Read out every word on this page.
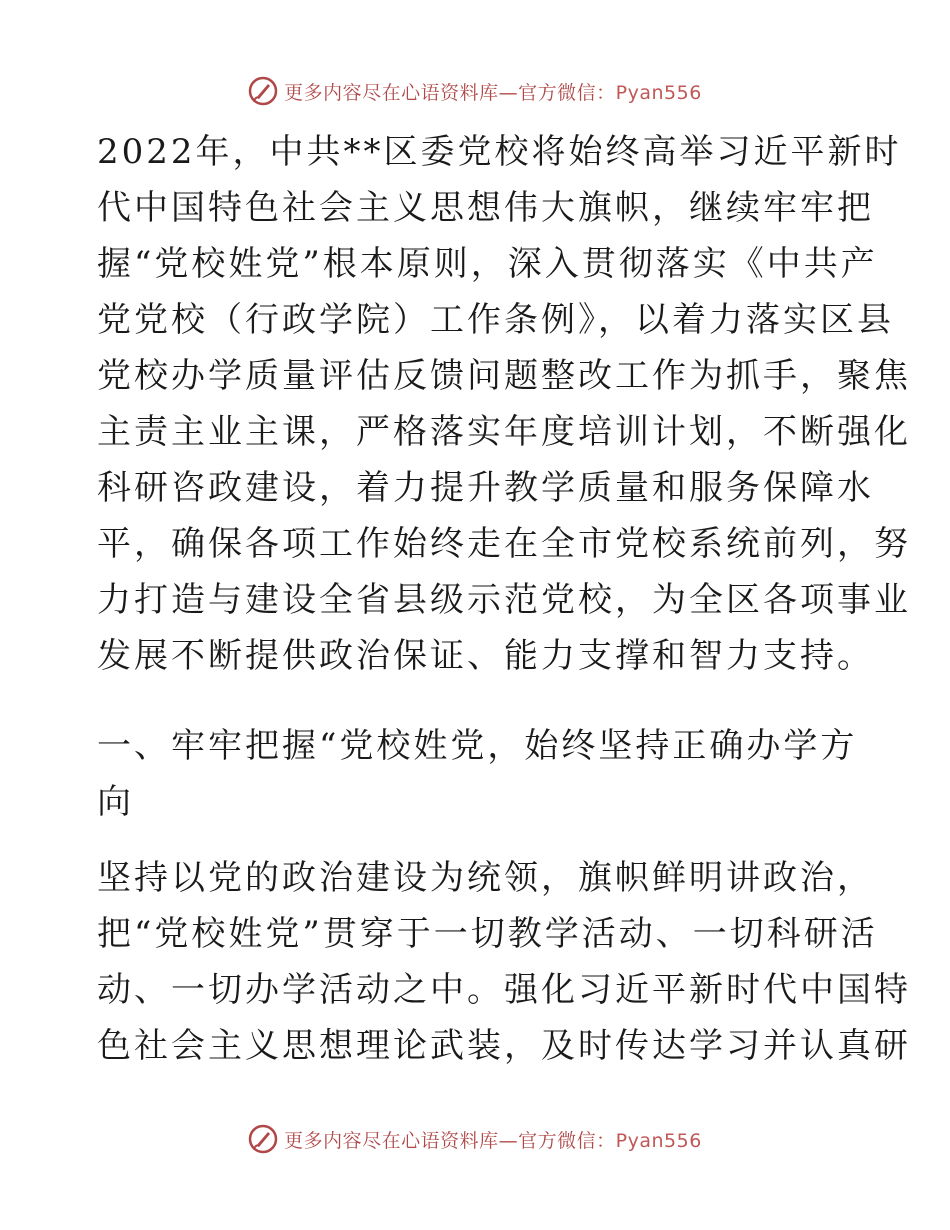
更多内容尽在心语资料库—官方微信：Pyan556
2022年，中共**区委党校将始终高举习近平新时
代中国特色社会主义思想伟大旗帜，继续牢牢把
握“党校姓党”根本原则，深入贯彻落实《中共产
党党校（行政学院）工作条例》，以着力落实区县
党校办学质量评估反馈问题整改工作为抓手，聚焦
主责主业主课，严格落实年度培训计划，不断强化
科研咨政建设，着力提升教学质量和服务保障水
平，确保各项工作始终走在全市党校系统前列，努
力打造与建设全省县级示范党校，为全区各项事业
发展不断提供政治保证、能力支撑和智力支持。
一、牢牢把握“党校姓党，始终坚持正确办学方
向
坚持以党的政治建设为统领，旗帜鲜明讲政治，
把“党校姓党”贯穿于一切教学活动、一切科研活
动、一切办学活动之中。强化习近平新时代中国特
色社会主义思想理论武装，及时传达学习并认真研
更多内容尽在心语资料库—官方微信：Pyan556
